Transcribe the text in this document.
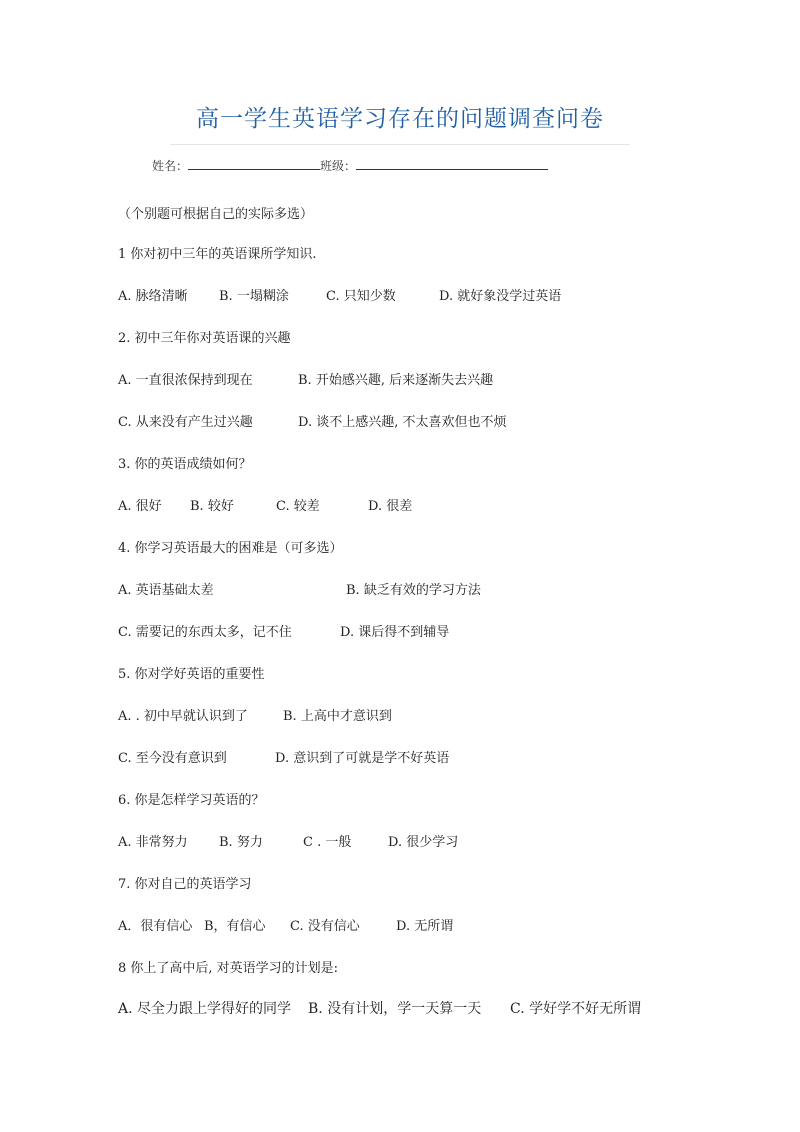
高一学生英语学习存在的问题调查问卷
姓名：	班级：
（个别题可根据自己的实际多选）
1 你对初中三年的英语课所学知识.
A. 脉络清晰 B. 一塌糊涂	C. 只知少数	D. 就好象没学过英语
2. 初中三年你对英语课的兴趣
A. 一直很浓保持到现在	B. 开始感兴趣, 后来逐渐失去兴趣
C. 从来没有产生过兴趣	D. 谈不上感兴趣, 不太喜欢但也不烦
3. 你的英语成绩如何？
A. 很好 B. 较好	C. 较差	D. 很差
4. 你学习英语最大的困难是（可多选）
A. 英语基础太差	B. 缺乏有效的学习方法
C. 需要记的东西太多，记不住	D. 课后得不到辅导
5. 你对学好英语的重要性
A. . 初中早就认识到了	B. 上高中才意识到
C. 至今没有意识到	D. 意识到了可就是学不好英语
6. 你是怎样学习英语的？
A. 非常努力 B. 努力	C . 一般	D. 很少学习
7. 你对自己的英语学习
A．很有信心 B，有信心 C. 没有信心	D. 无所谓
8 你上了高中后, 对英语学习的计划是:
A. 尽全力跟上学得好的同学 B. 没有计划，学一天算一天 C. 学好学不好无所谓
